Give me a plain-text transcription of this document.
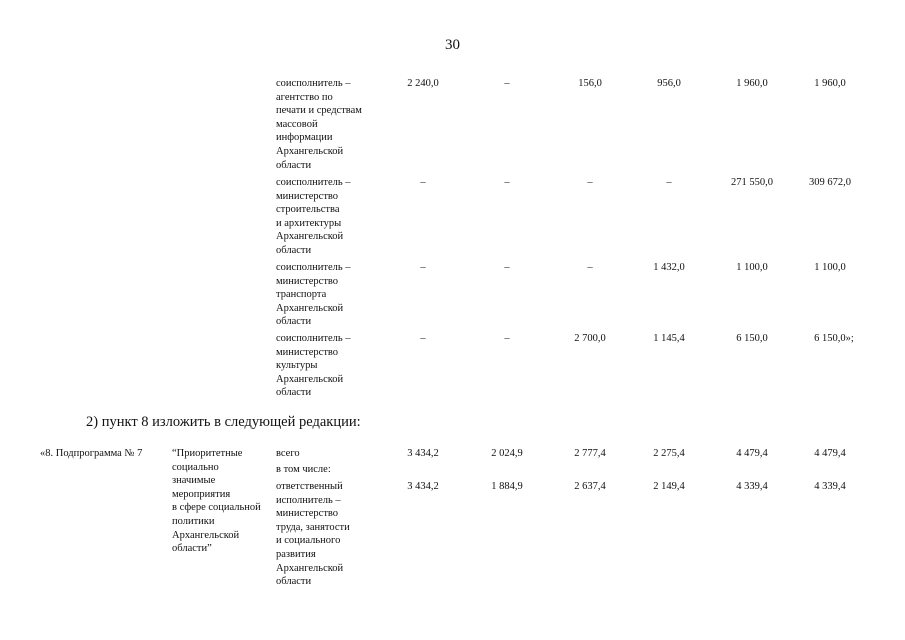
30
соисполнитель –
агентство по
печати и средствам
массовой
информации
Архангельской
области
2 240,0	–	156,0	956,0	1 960,0	1 960,0
соисполнитель –
министерство
строительства
и архитектуры
Архангельской
области
–	–	–	–	271 550,0	309 672,0
соисполнитель –
министерство
транспорта
Архангельской
области
–	–	–	1 432,0	1 100,0	1 100,0
соисполнитель –
министерство
культуры
Архангельской
области
–	–	2 700,0	1 145,4	6 150,0	6 150,0»;
2) пункт 8 изложить в следующей редакции:
«8. Подпрограмма № 7	“Приоритетные
социально
значимые
мероприятия
в сфере социальной
политики
Архангельской
области”
всего	3 434,2	2 024,9	2 777,4	2 275,4	4 479,4	4 479,4
в том числе:
ответственный
исполнитель –
министерство
труда, занятости
и социального
развития
Архангельской
области
3 434,2	1 884,9	2 637,4	2 149,4	4 339,4	4 339,4
